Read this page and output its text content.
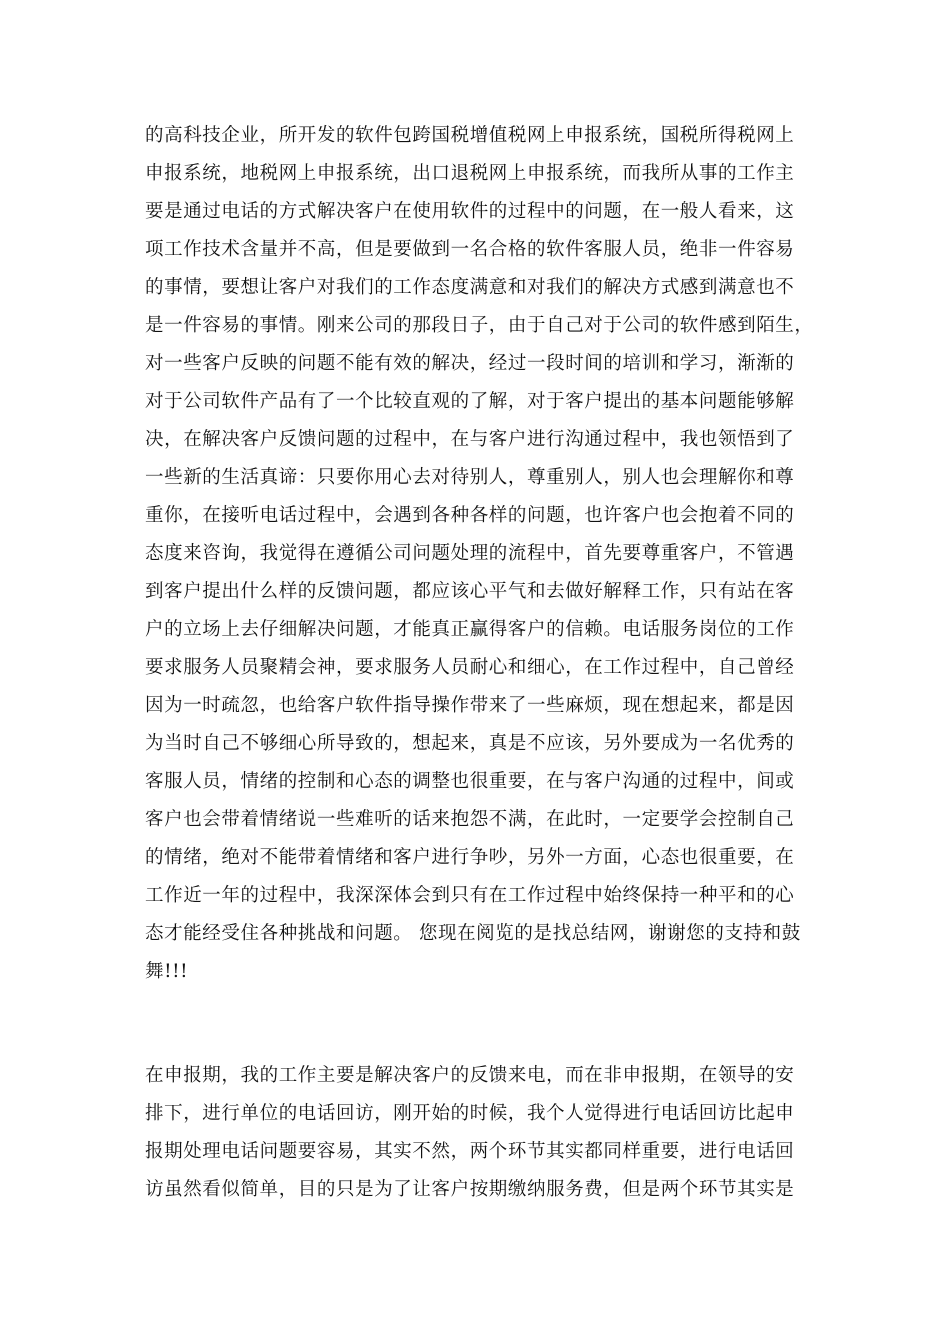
的高科技企业，所开发的软件包跨国税增值税网上申报系统，国税所得税网上
申报系统，地税网上申报系统，出口退税网上申报系统，而我所从事的工作主
要是通过电话的方式解决客户在使用软件的过程中的问题，在一般人看来，这
项工作技术含量并不高，但是要做到一名合格的软件客服人员，绝非一件容易
的事情，要想让客户对我们的工作态度满意和对我们的解决方式感到满意也不
是一件容易的事情。刚来公司的那段日子，由于自己对于公司的软件感到陌生，
对一些客户反映的问题不能有效的解决，经过一段时间的培训和学习，渐渐的
对于公司软件产品有了一个比较直观的了解，对于客户提出的基本问题能够解
决，在解决客户反馈问题的过程中，在与客户进行沟通过程中，我也领悟到了
一些新的生活真谛：只要你用心去对待别人，尊重别人，别人也会理解你和尊
重你，在接听电话过程中，会遇到各种各样的问题，也许客户也会抱着不同的
态度来咨询，我觉得在遵循公司问题处理的流程中，首先要尊重客户，不管遇
到客户提出什么样的反馈问题，都应该心平气和去做好解释工作，只有站在客
户的立场上去仔细解决问题，才能真正赢得客户的信赖。电话服务岗位的工作
要求服务人员聚精会神，要求服务人员耐心和细心，在工作过程中，自己曾经
因为一时疏忽，也给客户软件指导操作带来了一些麻烦，现在想起来，都是因
为当时自己不够细心所导致的，想起来，真是不应该，另外要成为一名优秀的
客服人员，情绪的控制和心态的调整也很重要，在与客户沟通的过程中，间或
客户也会带着情绪说一些难听的话来抱怨不满，在此时，一定要学会控制自己
的情绪，绝对不能带着情绪和客户进行争吵，另外一方面，心态也很重要，在
工作近一年的过程中，我深深体会到只有在工作过程中始终保持一种平和的心
态才能经受住各种挑战和问题。 您现在阅览的是找总结网，谢谢您的支持和鼓
舞!!!
在申报期，我的工作主要是解决客户的反馈来电，而在非申报期，在领导的安
排下，进行单位的电话回访，刚开始的时候，我个人觉得进行电话回访比起申
报期处理电话问题要容易，其实不然，两个环节其实都同样重要，进行电话回
访虽然看似简单，目的只是为了让客户按期缴纳服务费，但是两个环节其实是
